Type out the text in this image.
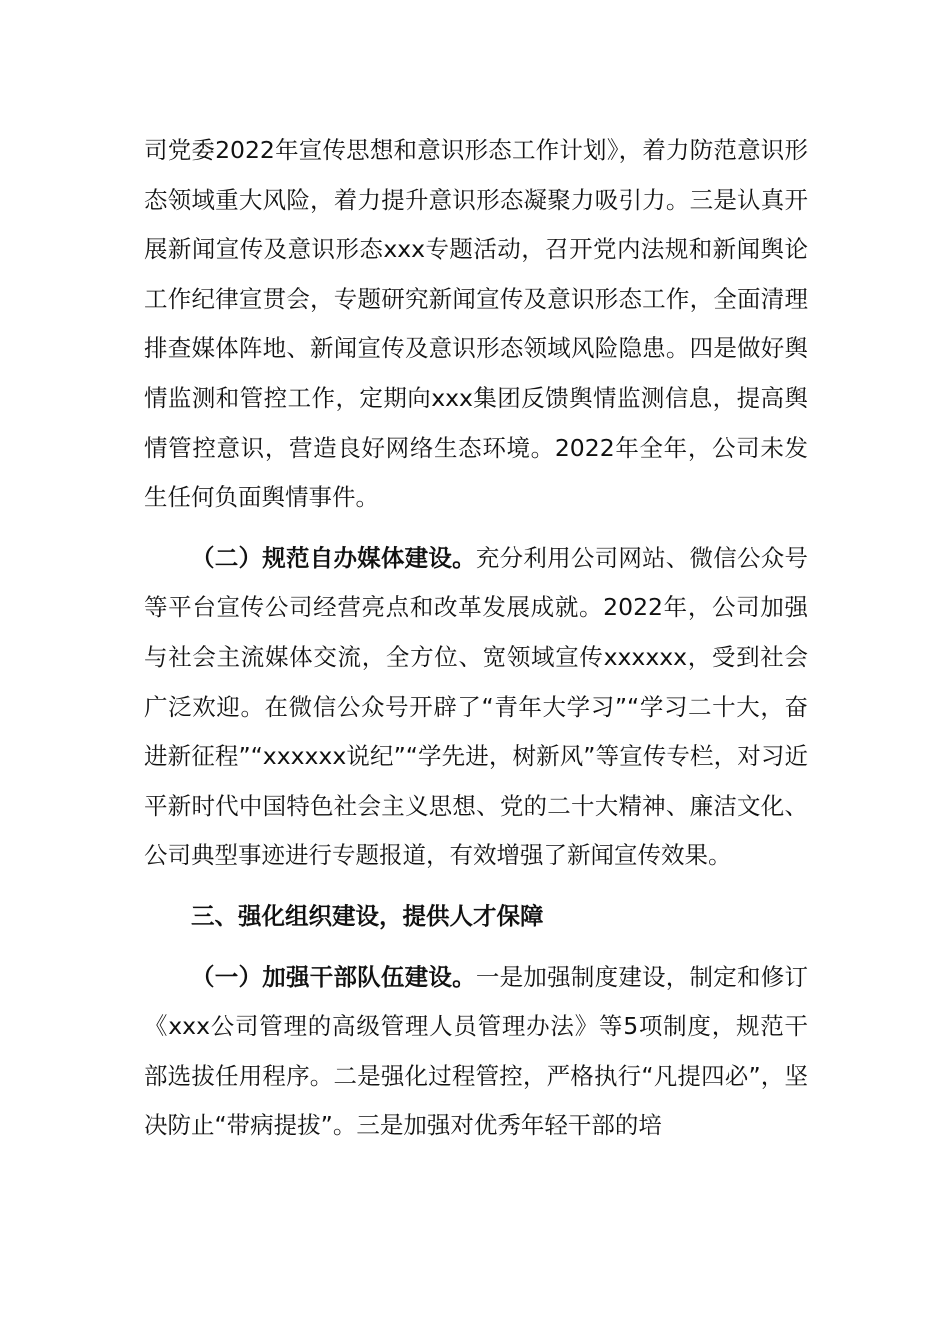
司党委2022年宣传思想和意识形态工作计划》，着力防范意识形态领域重大风险，着力提升意识形态凝聚力吸引力。三是认真开展新闻宣传及意识形态xxx专题活动，召开党内法规和新闻舆论工作纪律宣贯会，专题研究新闻宣传及意识形态工作，全面清理排查媒体阵地、新闻宣传及意识形态领域风险隐患。四是做好舆情监测和管控工作，定期向xxx集团反馈舆情监测信息，提高舆情管控意识，营造良好网络生态环境。2022年全年，公司未发生任何负面舆情事件。

（二）规范自办媒体建设。充分利用公司网站、微信公众号等平台宣传公司经营亮点和改革发展成就。2022年，公司加强与社会主流媒体交流，全方位、宽领域宣传xxxxxx，受到社会广泛欢迎。在微信公众号开辟了“青年大学习”“学习二十大，奋进新征程”“xxxxxx说纪”“学先进，树新风”等宣传专栏，对习近平新时代中国特色社会主义思想、党的二十大精神、廉洁文化、公司典型事迹进行专题报道，有效增强了新闻宣传效果。

三、强化组织建设，提供人才保障

（一）加强干部队伍建设。一是加强制度建设，制定和修订《xxx公司管理的高级管理人员管理办法》等5项制度，规范干部选拔任用程序。二是强化过程管控，严格执行“凡提四必”，坚决防止“带病提拔”。三是加强对优秀年轻干部的培
